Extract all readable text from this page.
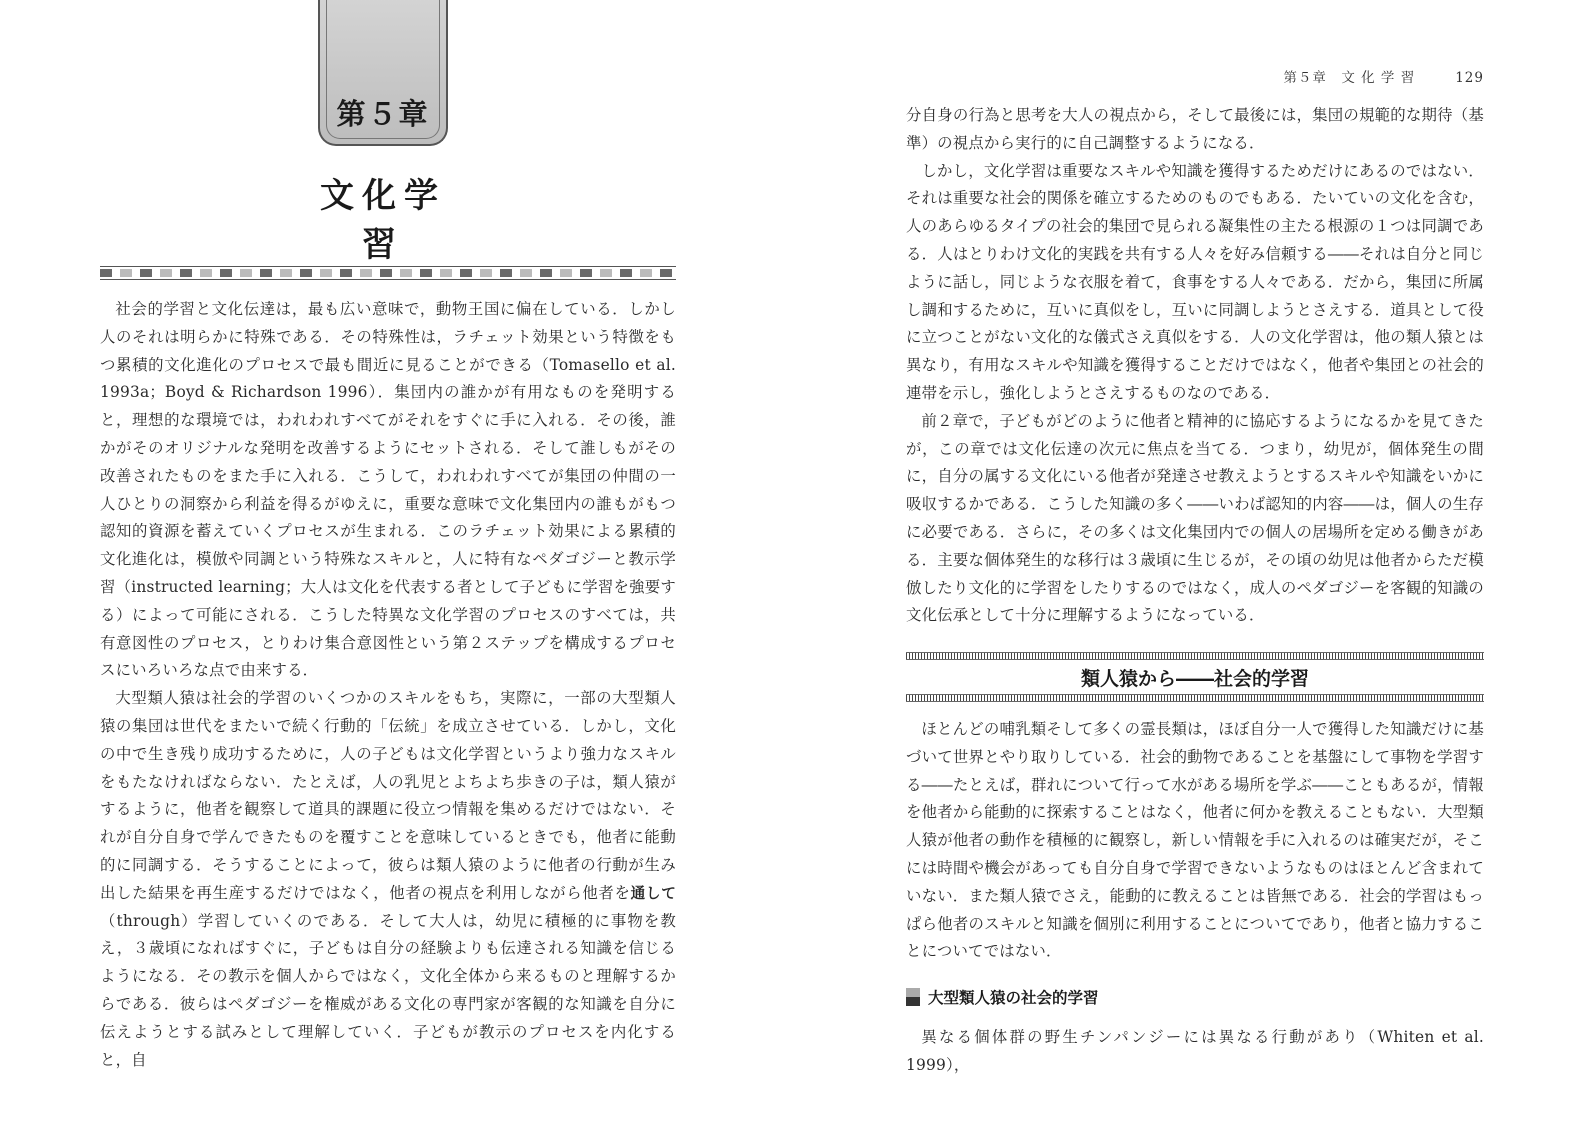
第５章
文化学習

社会的学習と文化伝達は，最も広い意味で，動物王国に偏在している．しかし人のそれは明らかに特殊である．その特殊性は，ラチェット効果という特徴をもつ累積的文化進化のプロセスで最も間近に見ることができる（Tomasello et al. 1993a；Boyd & Richardson 1996）．集団内の誰かが有用なものを発明すると，理想的な環境では，われわれすべてがそれをすぐに手に入れる．その後，誰かがそのオリジナルな発明を改善するようにセットされる．そして誰しもがその改善されたものをまた手に入れる．こうして，われわれすべてが集団の仲間の一人ひとりの洞察から利益を得るがゆえに，重要な意味で文化集団内の誰もがもつ認知的資源を蓄えていくプロセスが生まれる．このラチェット効果による累積的文化進化は，模倣や同調という特殊なスキルと，人に特有なペダゴジーと教示学習（instructed learning；大人は文化を代表する者として子どもに学習を強要する）によって可能にされる．こうした特異な文化学習のプロセスのすべては，共有意図性のプロセス，とりわけ集合意図性という第２ステップを構成するプロセスにいろいろな点で由来する．

大型類人猿は社会的学習のいくつかのスキルをもち，実際に，一部の大型類人猿の集団は世代をまたいで続く行動的「伝統」を成立させている．しかし，文化の中で生き残り成功するために，人の子どもは文化学習というより強力なスキルをもたなければならない．たとえば，人の乳児とよちよち歩きの子は，類人猿がするように，他者を観察して道具的課題に役立つ情報を集めるだけではない．それが自分自身で学んできたものを覆すことを意味しているときでも，他者に能動的に同調する．そうすることによって，彼らは類人猿のように他者の行動が生み出した結果を再生産するだけではなく，他者の視点を利用しながら他者を通して（through）学習していくのである．そして大人は，幼児に積極的に事物を教え，３歳頃になればすぐに，子どもは自分の経験よりも伝達される知識を信じるようになる．その教示を個人からではなく，文化全体から来るものと理解するからである．彼らはペダゴジーを権威がある文化の専門家が客観的な知識を自分に伝えようとする試みとして理解していく．子どもが教示のプロセスを内化すると，自

第５章　文 化 学 習	129

分自身の行為と思考を大人の視点から，そして最後には，集団の規範的な期待（基準）の視点から実行的に自己調整するようになる．

しかし，文化学習は重要なスキルや知識を獲得するためだけにあるのではない．それは重要な社会的関係を確立するためのものでもある．たいていの文化を含む，人のあらゆるタイプの社会的集団で見られる凝集性の主たる根源の１つは同調である．人はとりわけ文化的実践を共有する人々を好み信頼する――それは自分と同じように話し，同じような衣服を着て，食事をする人々である．だから，集団に所属し調和するために，互いに真似をし，互いに同調しようとさえする．道具として役に立つことがない文化的な儀式さえ真似をする．人の文化学習は，他の類人猿とは異なり，有用なスキルや知識を獲得することだけではなく，他者や集団との社会的連帯を示し，強化しようとさえするものなのである．

前２章で，子どもがどのように他者と精神的に協応するようになるかを見てきたが，この章では文化伝達の次元に焦点を当てる．つまり，幼児が，個体発生の間に，自分の属する文化にいる他者が発達させ教えようとするスキルや知識をいかに吸収するかである．こうした知識の多く――いわば認知的内容――は，個人の生存に必要である．さらに，その多くは文化集団内での個人の居場所を定める働きがある．主要な個体発生的な移行は３歳頃に生じるが，その頃の幼児は他者からただ模倣したり文化的に学習をしたりするのではなく，成人のペダゴジーを客観的知識の文化伝承として十分に理解するようになっている．

類人猿から――社会的学習

ほとんどの哺乳類そして多くの霊長類は，ほぼ自分一人で獲得した知識だけに基づいて世界とやり取りしている．社会的動物であることを基盤にして事物を学習する――たとえば，群れについて行って水がある場所を学ぶ――こともあるが，情報を他者から能動的に探索することはなく，他者に何かを教えることもない．大型類人猿が他者の動作を積極的に観察し，新しい情報を手に入れるのは確実だが，そこには時間や機会があっても自分自身で学習できないようなものはほとんど含まれていない．また類人猿でさえ，能動的に教えることは皆無である．社会的学習はもっぱら他者のスキルと知識を個別に利用することについてであり，他者と協力することについてではない．

大型類人猿の社会的学習

異なる個体群の野生チンパンジーには異なる行動があり（Whiten et al. 1999），
